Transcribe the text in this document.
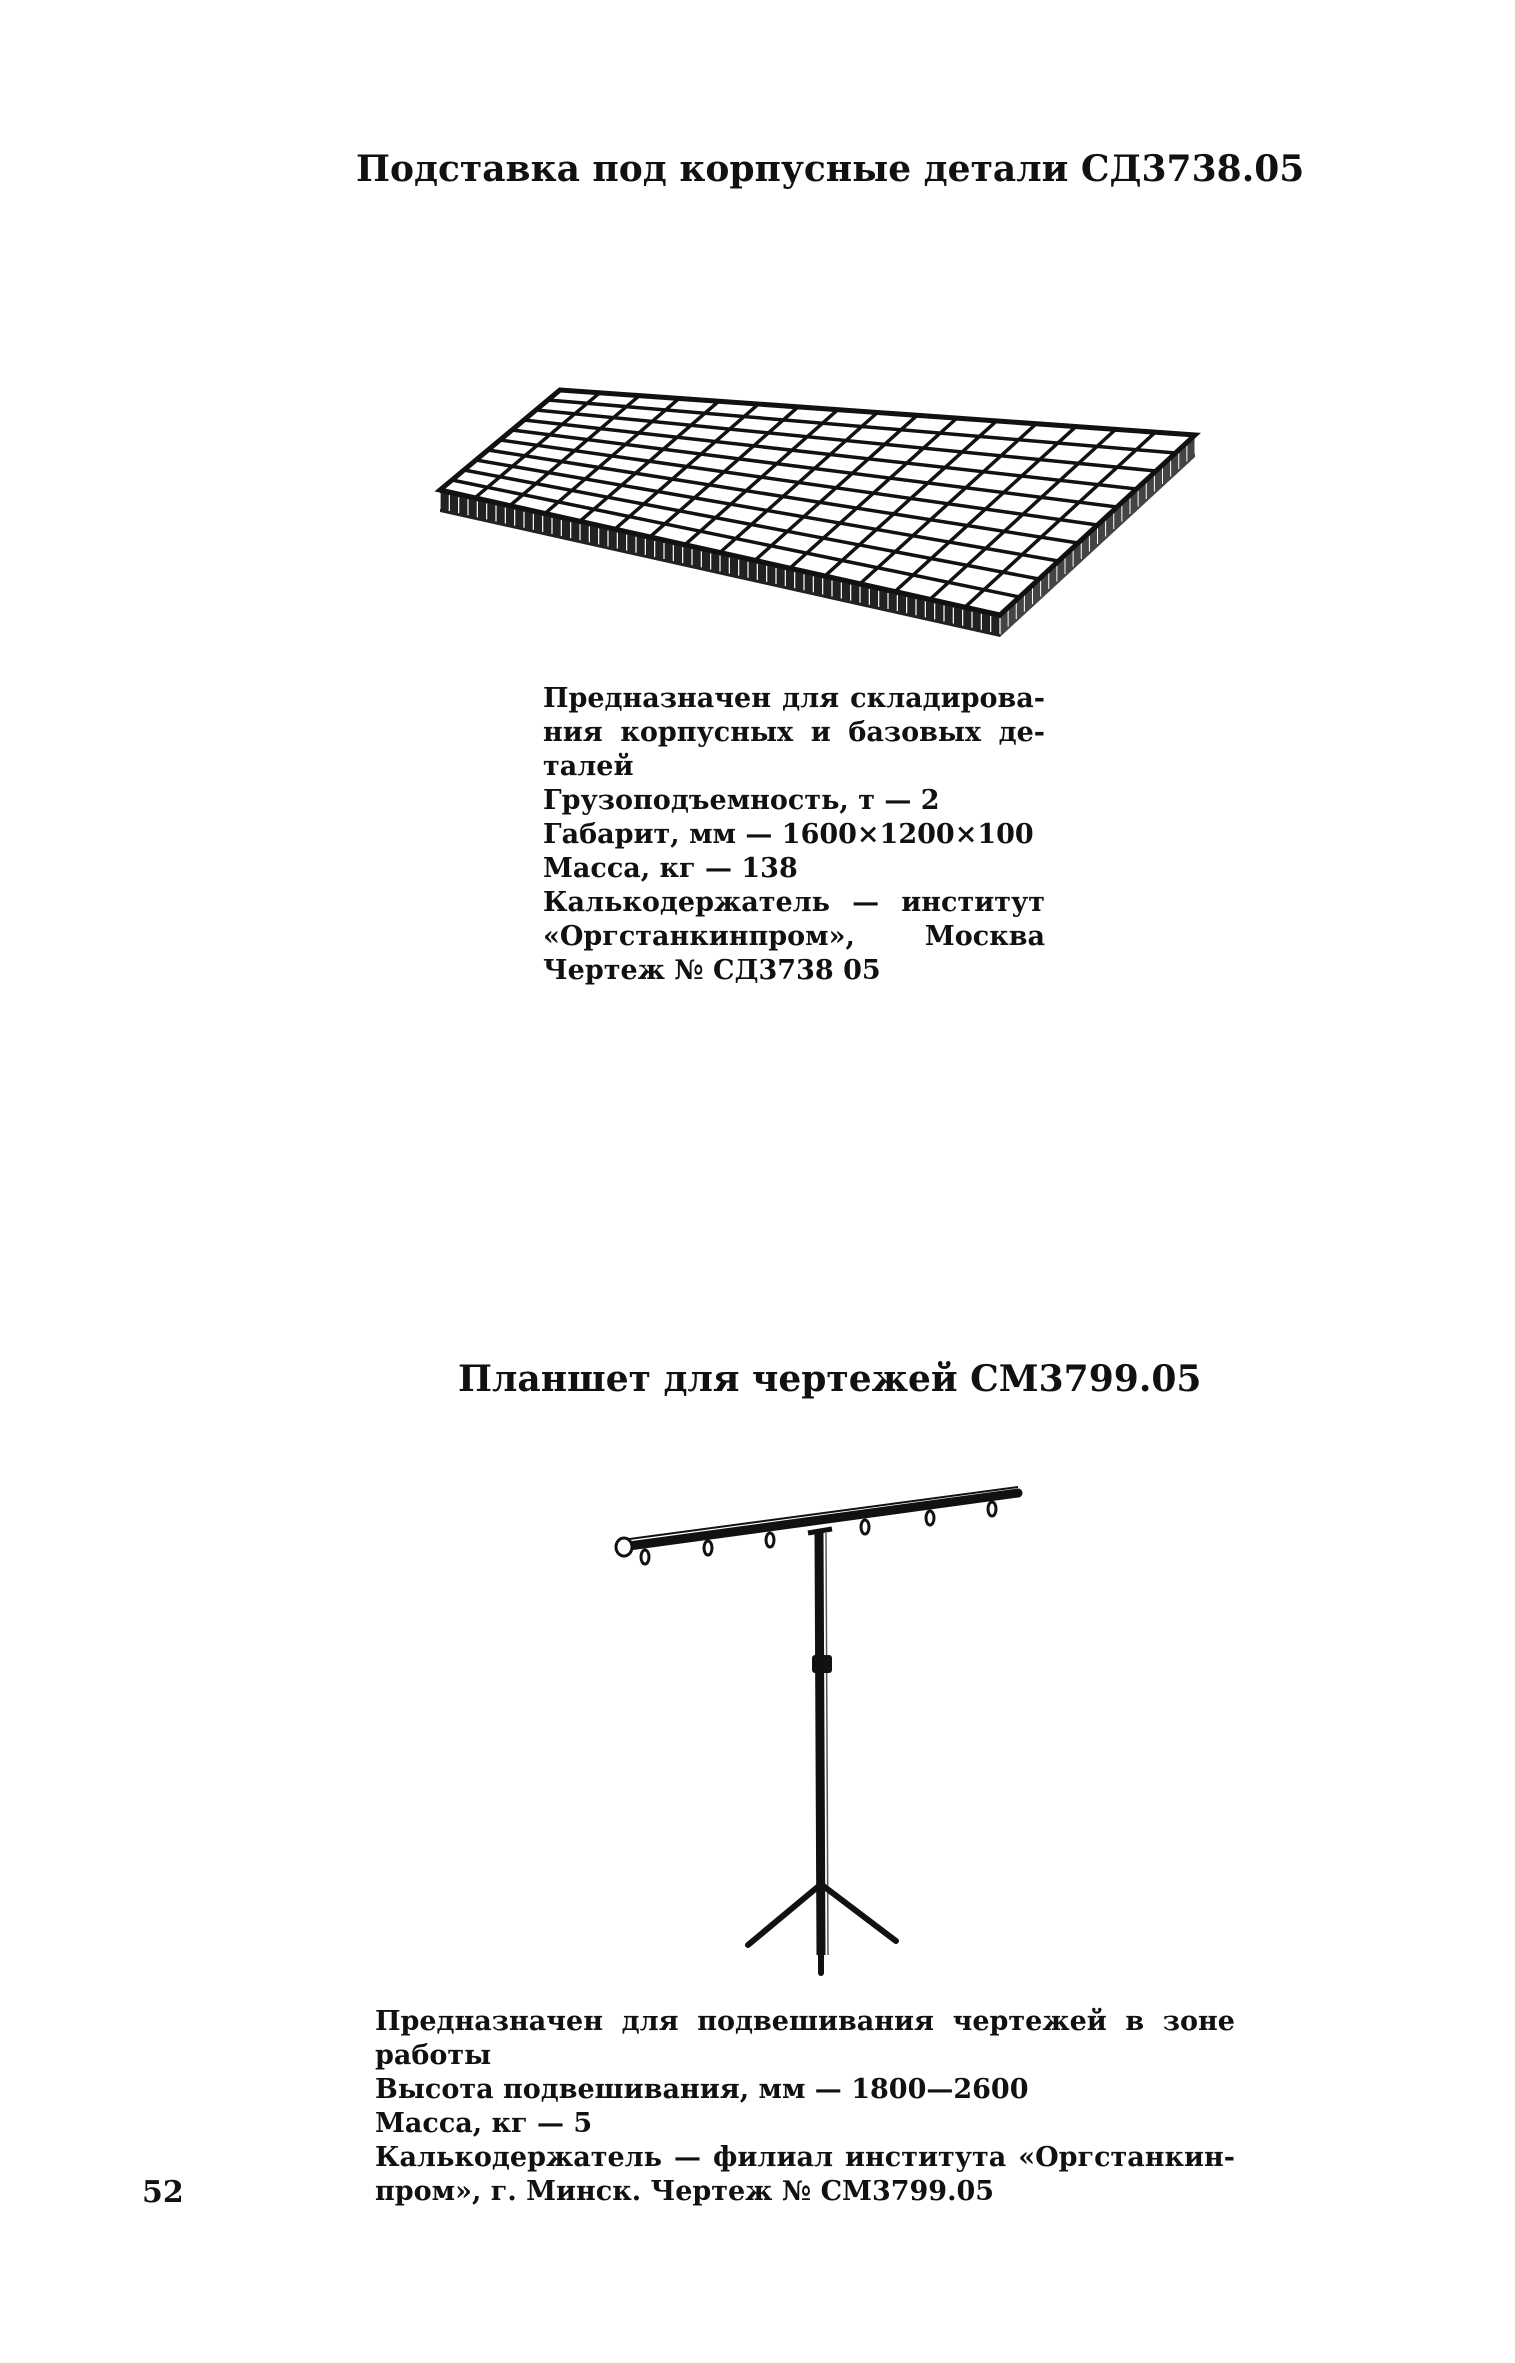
Подставка под корпусные детали СД3738.05
Предназначен для складирова-
ния корпусных и базовых де-
талей
Грузоподъемность, т — 2
Габарит, мм — 1600×1200×100
Масса, кг — 138
Калькодержатель — институт
«Оргстанкинпром», Москва
Чертеж № СД3738 05
Планшет для чертежей СМ3799.05
Предназначен для подвешивания чертежей в зоне
работы
Высота подвешивания, мм — 1800—2600
Масса, кг — 5
Калькодержатель — филиал института «Оргстанкин-
пром», г. Минск. Чертеж № СМ3799.05

52
